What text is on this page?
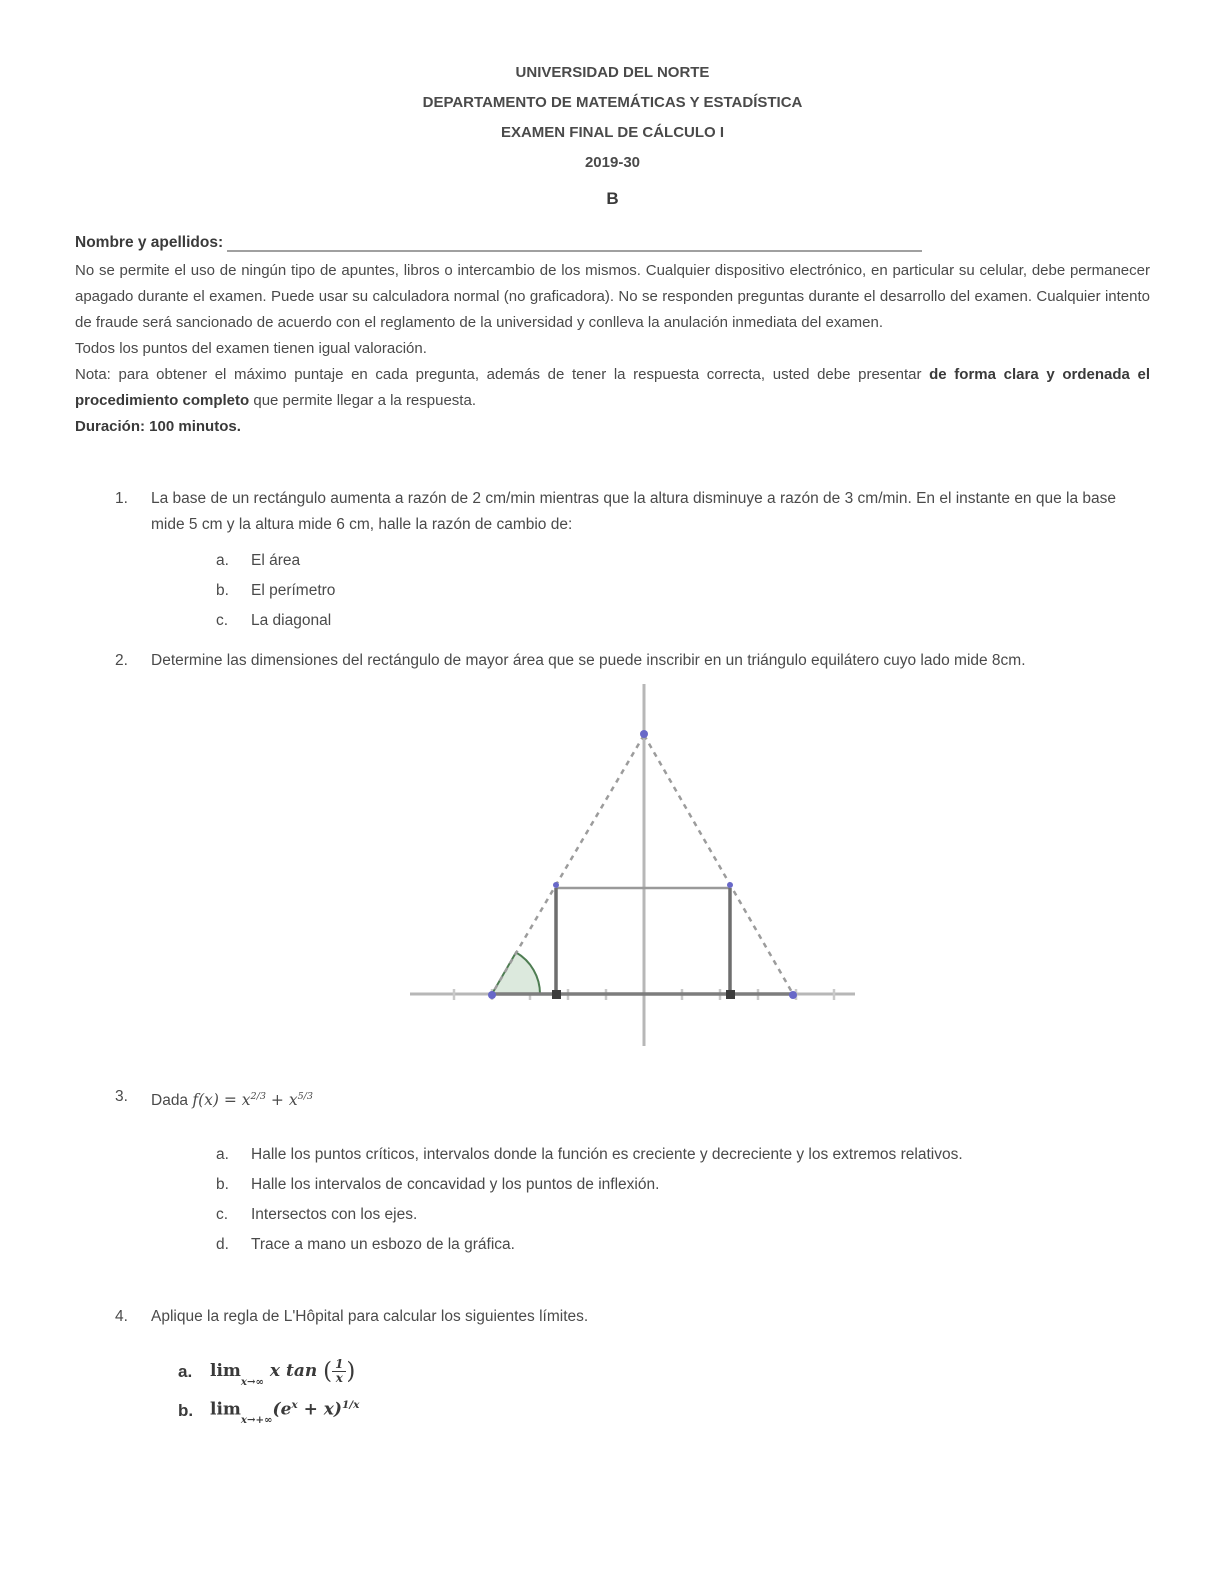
UNIVERSIDAD DEL NORTE
DEPARTAMENTO DE MATEMÁTICAS Y ESTADÍSTICA
EXAMEN FINAL DE CÁLCULO I
2019-30
B
Nombre y apellidos:

No se permite el uso de ningún tipo de apuntes, libros o intercambio de los mismos. Cualquier dispositivo electrónico, en particular su celular, debe permanecer apagado durante el examen. Puede usar su calculadora normal (no graficadora). No se responden preguntas durante el desarrollo del examen. Cualquier intento de fraude será sancionado de acuerdo con el reglamento de la universidad y conlleva la anulación inmediata del examen.

Todos los puntos del examen tienen igual valoración.

Nota: para obtener el máximo puntaje en cada pregunta, además de tener la respuesta correcta, usted debe presentar de forma clara y ordenada el procedimiento completo que permite llegar a la respuesta.

Duración: 100 minutos.

1.	La base de un rectángulo aumenta a razón de 2 cm/min mientras que la altura disminuye a razón de 3 cm/min. En el instante en que la base mide 5 cm y la altura mide 6 cm, halle la razón de cambio de:
a.	El área
b.	El perímetro
c.	La diagonal
2.	Determine las dimensiones del rectángulo de mayor área que se puede inscribir en un triángulo equilátero cuyo lado mide 8cm.
3.	Dada $f(x) = x^{2/3} + x^{5/3}$
a.	Halle los puntos críticos, intervalos donde la función es creciente y decreciente y los extremos relativos.
b.	Halle los intervalos de concavidad y los puntos de inflexión.
c.	Intersectos con los ejes.
d.	Trace a mano un esbozo de la gráfica.
4.	Aplique la regla de L'Hôpital para calcular los siguientes límites.
a.	$\lim_{x\to\infty} x$ tan ( $\frac{1}{x}$ )
b. $\lim_{x\to+\infty}(e^x + x)^{1/x}$
